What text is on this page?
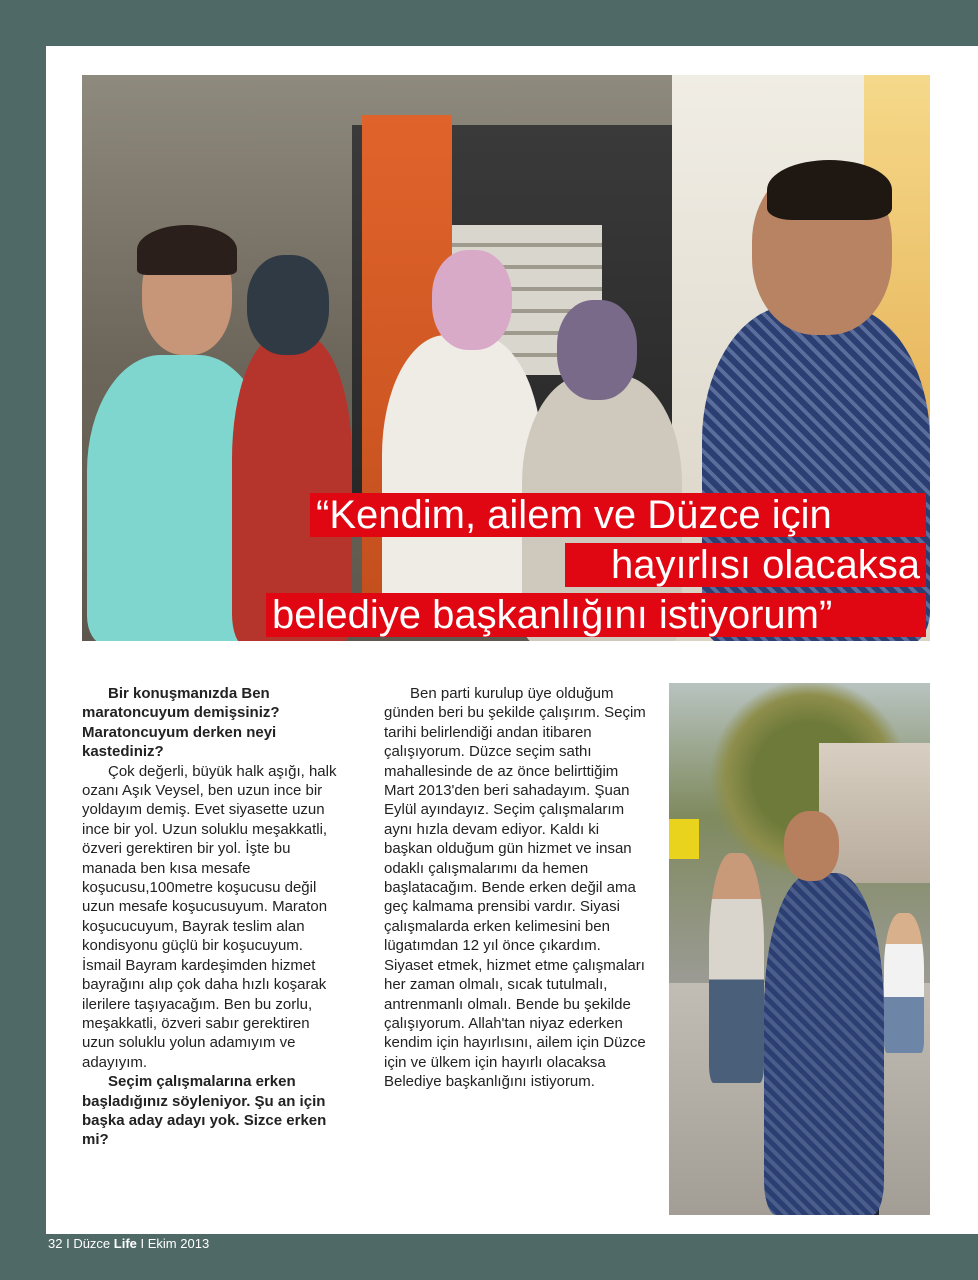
“Kendim, ailem ve Düzce için
hayırlısı olacaksa
belediye başkanlığını istiyorum”

Bir konuşmanızda Ben maratoncuyum demişsiniz? Maratoncuyum derken neyi kastediniz?

Çok değerli, büyük halk aşığı, halk ozanı Aşık Veysel, ben uzun ince bir yoldayım demiş. Evet siyasette uzun ince bir yol. Uzun soluklu meşakkatli, özveri gerektiren bir yol. İşte bu manada ben kısa mesafe koşucusu,100metre koşucusu değil uzun mesafe koşucusuyum. Maraton koşucucuyum, Bayrak teslim alan kondisyonu güçlü bir koşucuyum. İsmail Bayram kardeşimden hizmet bayrağını alıp çok daha hızlı koşarak ilerilere taşıyacağım. Ben bu zorlu, meşakkatli, özveri sabır gerektiren uzun soluklu yolun adamıyım ve adayıyım.

Seçim çalışmalarına erken başladığınız söyleniyor. Şu an için başka aday adayı yok. Sizce erken mi?

Ben parti kurulup üye olduğum günden beri bu şekilde çalışırım. Seçim tarihi belirlendiği andan itibaren çalışıyorum. Düzce seçim sathı mahallesinde de az önce belirttiğim Mart 2013'den beri sahadayım. Şuan Eylül ayındayız. Seçim çalışmalarım aynı hızla devam ediyor. Kaldı ki başkan olduğum gün hizmet ve insan odaklı çalışmalarımı da hemen başlatacağım. Bende erken değil ama geç kalmama prensibi vardır. Siyasi çalışmalarda erken kelimesini ben lügatımdan 12 yıl önce çıkardım. Siyaset etmek, hizmet etme çalışmaları her zaman olmalı, sıcak tutulmalı, antrenmanlı olmalı. Bende bu şekilde çalışıyorum. Allah'tan niyaz ederken kendim için hayırlısını, ailem için Düzce için ve ülkem için hayırlı olacaksa Belediye başkanlığını istiyorum.

32 I Düzce Life I Ekim 2013
